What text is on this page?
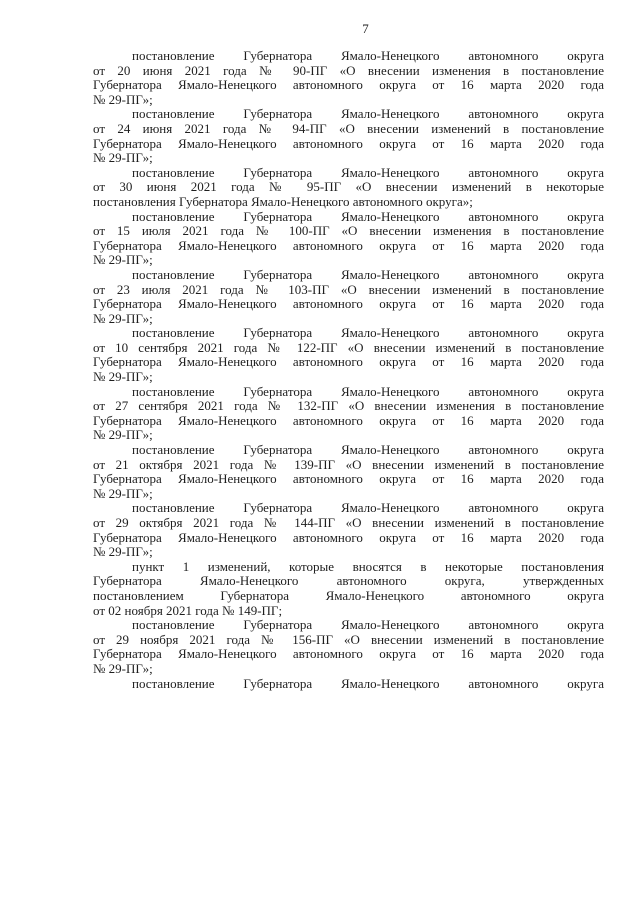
7
постановление Губернатора Ямало-Ненецкого автономного округа
от 20 июня 2021 года № 90-ПГ «О внесении изменения в постановление
Губернатора Ямало-Ненецкого автономного округа от 16 марта 2020 года
№ 29-ПГ»;
постановление Губернатора Ямало-Ненецкого автономного округа
от 24 июня 2021 года № 94-ПГ «О внесении изменений в постановление
Губернатора Ямало-Ненецкого автономного округа от 16 марта 2020 года
№ 29-ПГ»;
постановление Губернатора Ямало-Ненецкого автономного округа
от 30 июня 2021 года № 95-ПГ «О внесении изменений в некоторые
постановления Губернатора Ямало-Ненецкого автономного округа»;
постановление Губернатора Ямало-Ненецкого автономного округа
от 15 июля 2021 года № 100-ПГ «О внесении изменения в постановление
Губернатора Ямало-Ненецкого автономного округа от 16 марта 2020 года
№ 29-ПГ»;
постановление Губернатора Ямало-Ненецкого автономного округа
от 23 июля 2021 года № 103-ПГ «О внесении изменений в постановление
Губернатора Ямало-Ненецкого автономного округа от 16 марта 2020 года
№ 29-ПГ»;
постановление Губернатора Ямало-Ненецкого автономного округа
от 10 сентября 2021 года № 122-ПГ «О внесении изменений в постановление
Губернатора Ямало-Ненецкого автономного округа от 16 марта 2020 года
№ 29-ПГ»;
постановление Губернатора Ямало-Ненецкого автономного округа
от 27 сентября 2021 года № 132-ПГ «О внесении изменения в постановление
Губернатора Ямало-Ненецкого автономного округа от 16 марта 2020 года
№ 29-ПГ»;
постановление Губернатора Ямало-Ненецкого автономного округа
от 21 октября 2021 года № 139-ПГ «О внесении изменений в постановление
Губернатора Ямало-Ненецкого автономного округа от 16 марта 2020 года
№ 29-ПГ»;
постановление Губернатора Ямало-Ненецкого автономного округа
от 29 октября 2021 года № 144-ПГ «О внесении изменений в постановление
Губернатора Ямало-Ненецкого автономного округа от 16 марта 2020 года
№ 29-ПГ»;
пункт 1 изменений, которые вносятся в некоторые постановления
Губернатора Ямало-Ненецкого автономного округа, утвержденных
постановлением Губернатора Ямало-Ненецкого автономного округа
от 02 ноября 2021 года № 149-ПГ;
постановление Губернатора Ямало-Ненецкого автономного округа
от 29 ноября 2021 года № 156-ПГ «О внесении изменений в постановление
Губернатора Ямало-Ненецкого автономного округа от 16 марта 2020 года
№ 29-ПГ»;
постановление Губернатора Ямало-Ненецкого автономного округа
